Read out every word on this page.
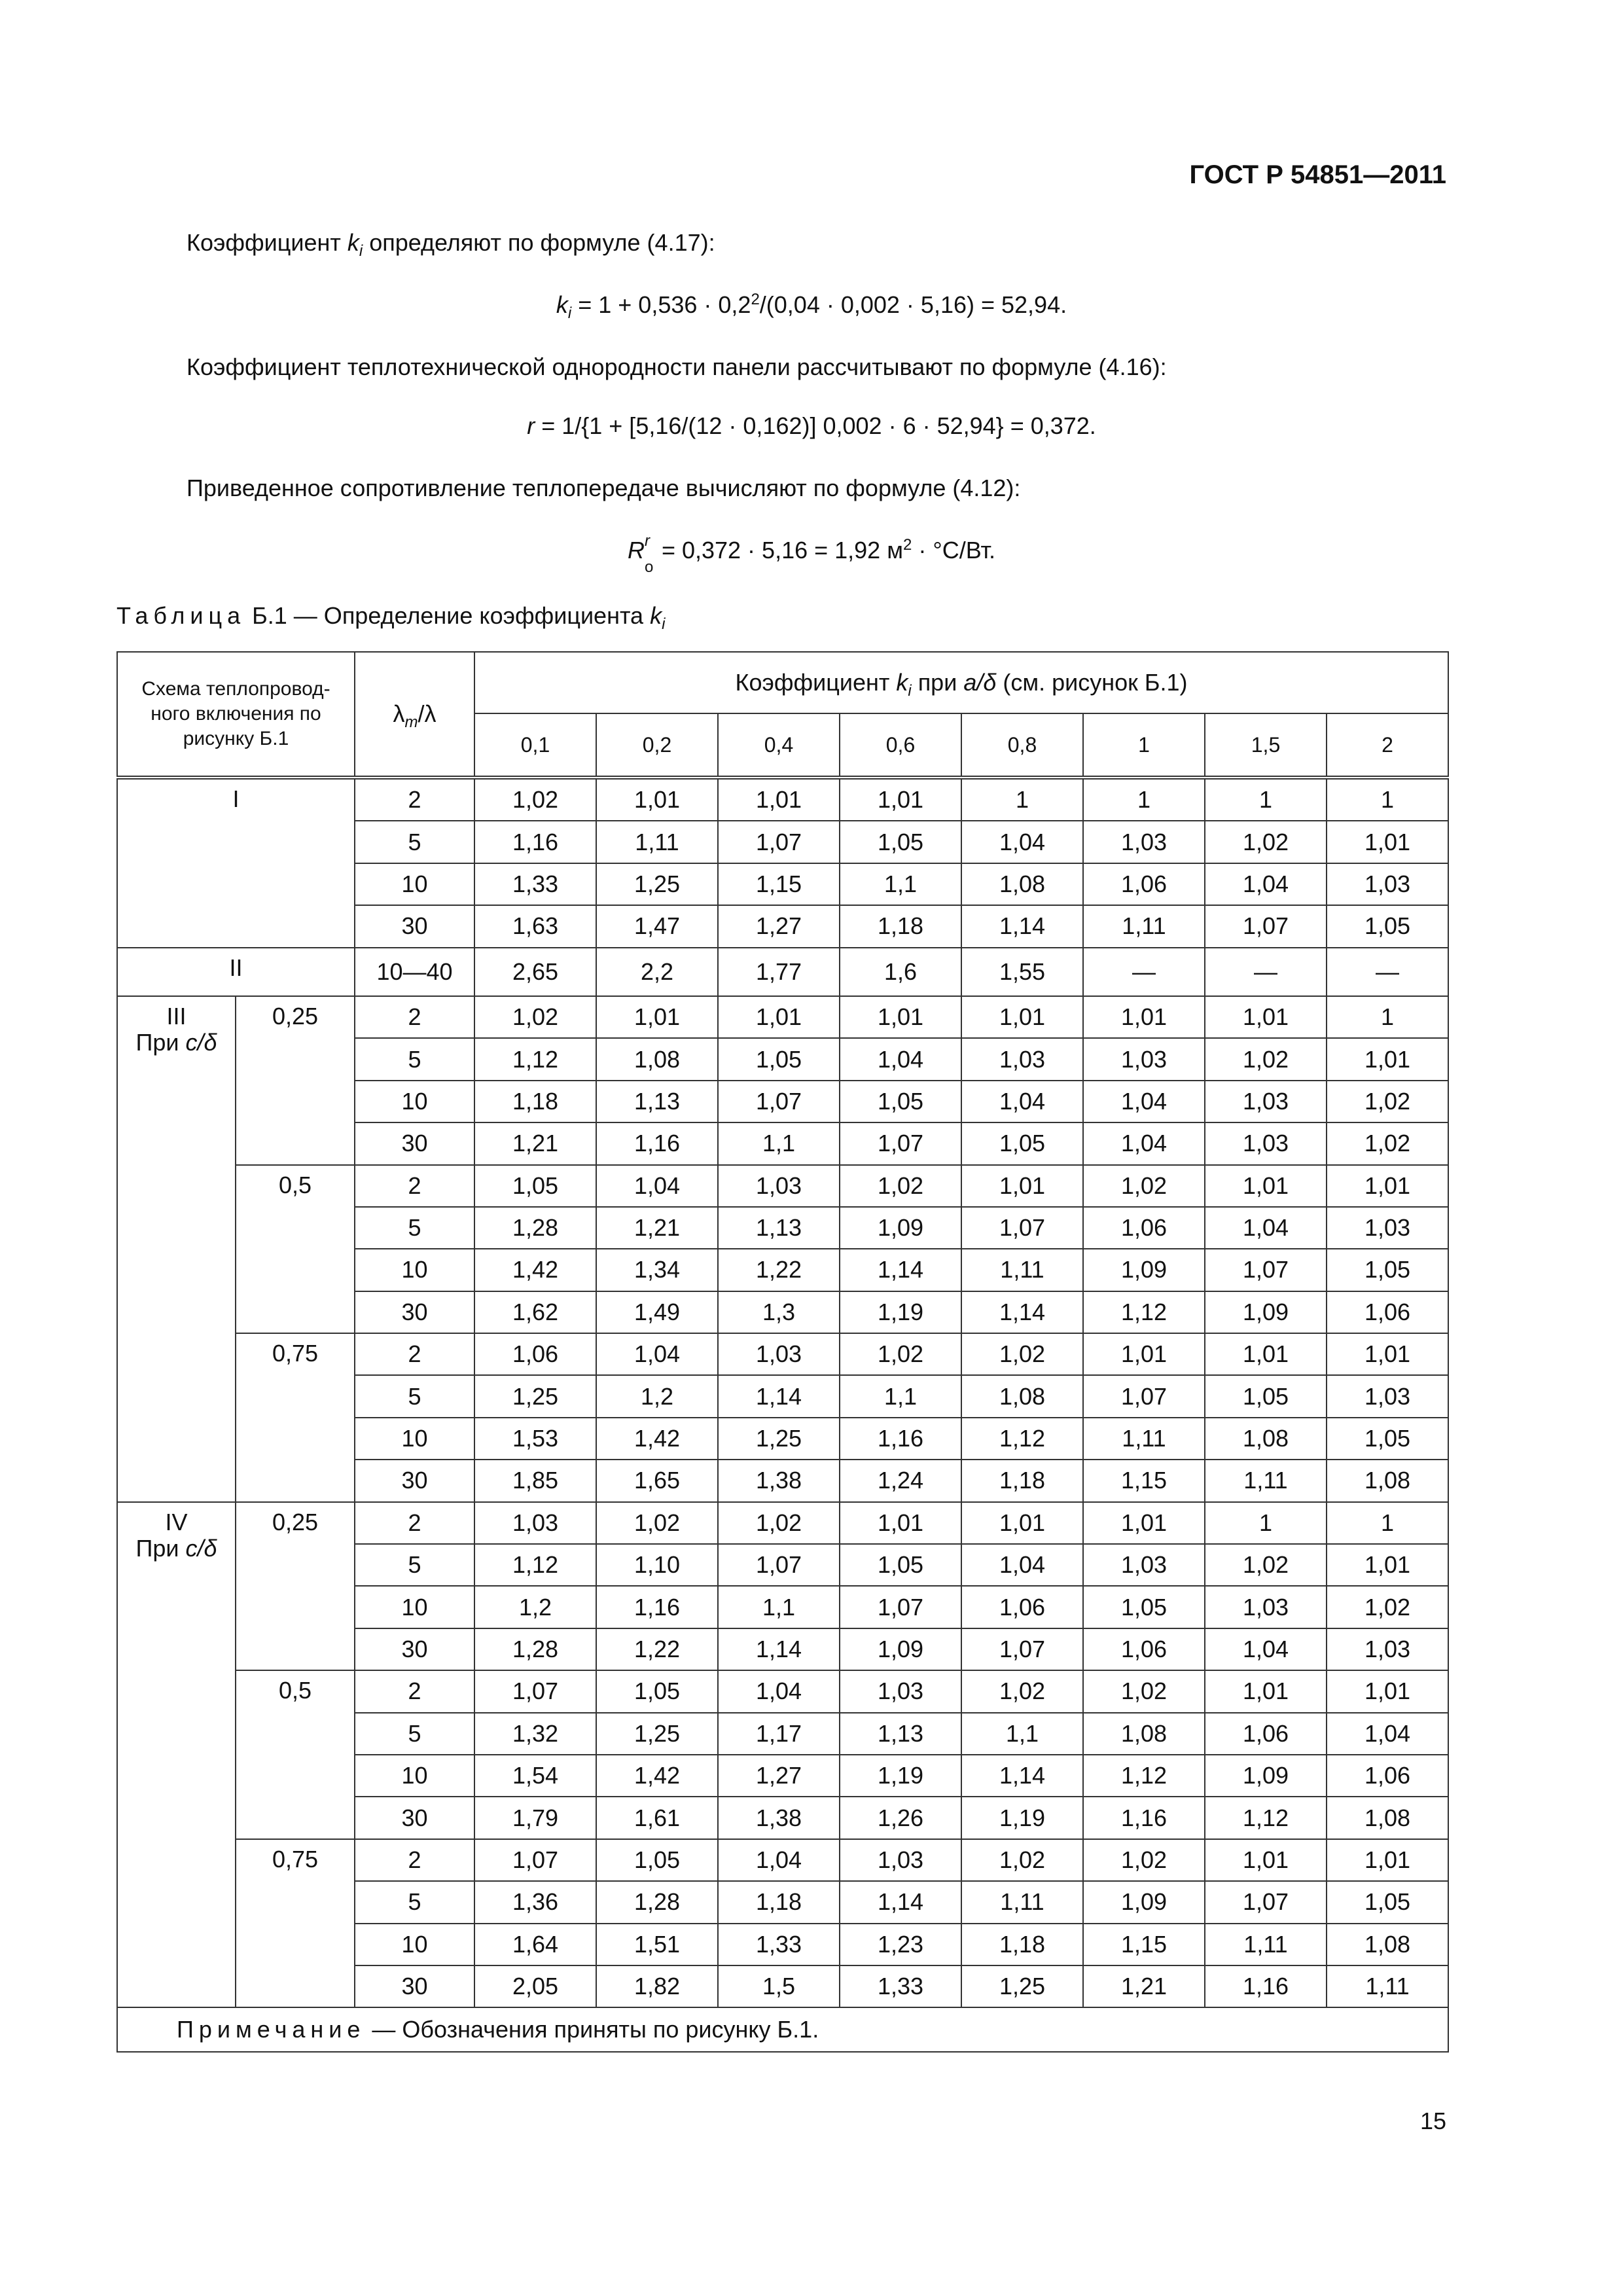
ГОСТ Р 54851—2011
Коэффициент $k_i$ определяют по формуле (4.17):
$k_i = 1 + 0,536 \cdot 0,2^2/(0,04 \cdot 0,002 \cdot 5,16) = 52,94$.
Коэффициент теплотехнической однородности панели рассчитывают по формуле (4.16):
r = 1/{1 + [5,16/(12 · 0,162)] 0,002 · 6 · 52,94} = 0,372.
Приведенное сопротивление теплопередаче вычисляют по формуле (4.12):
R r
o
= 0,372 · 5,16 = 1,92 $м^2 \cdot ^\circ С/Вт$.
Таблица Б.1 — Определение коэффициента $k_i$
Схема теплопровод-ного включения по рисунку Б.1		$\lambda_m/\lambda$	Коэффициент $k_i$ при a/δ (см. рисунок Б.1)							
			0,1	0,2	0,4	0,6	0,8	1	1,5	2
I		2	1,02	1,01	1,01	1,01	1	1	1	1
		5	1,16	1,11	1,07	1,05	1,04	1,03	1,02	1,01
		10	1,33	1,25	1,15	1,1	1,08	1,06	1,04	1,03
		30	1,63	1,47	1,27	1,18	1,14	1,11	1,07	1,05
II		10—40	2,65	2,2	1,77	1,6	1,55	—	—	—
III
При c/δ	0,25	2	1,02	1,01	1,01	1,01	1,01	1,01	1,01	1
		5	1,12	1,08	1,05	1,04	1,03	1,03	1,02	1,01
		10	1,18	1,13	1,07	1,05	1,04	1,04	1,03	1,02
		30	1,21	1,16	1,1	1,07	1,05	1,04	1,03	1,02
	0,5	2	1,05	1,04	1,03	1,02	1,01	1,02	1,01	1,01
		5	1,28	1,21	1,13	1,09	1,07	1,06	1,04	1,03
		10	1,42	1,34	1,22	1,14	1,11	1,09	1,07	1,05
		30	1,62	1,49	1,3	1,19	1,14	1,12	1,09	1,06
	0,75	2	1,06	1,04	1,03	1,02	1,02	1,01	1,01	1,01
		5	1,25	1,2	1,14	1,1	1,08	1,07	1,05	1,03
		10	1,53	1,42	1,25	1,16	1,12	1,11	1,08	1,05
		30	1,85	1,65	1,38	1,24	1,18	1,15	1,11	1,08
IV
При c/δ	0,25	2	1,03	1,02	1,02	1,01	1,01	1,01	1	1
		5	1,12	1,10	1,07	1,05	1,04	1,03	1,02	1,01
		10	1,2	1,16	1,1	1,07	1,06	1,05	1,03	1,02
		30	1,28	1,22	1,14	1,09	1,07	1,06	1,04	1,03
	0,5	2	1,07	1,05	1,04	1,03	1,02	1,02	1,01	1,01
		5	1,32	1,25	1,17	1,13	1,1	1,08	1,06	1,04
		10	1,54	1,42	1,27	1,19	1,14	1,12	1,09	1,06
		30	1,79	1,61	1,38	1,26	1,19	1,16	1,12	1,08
	0,75	2	1,07	1,05	1,04	1,03	1,02	1,02	1,01	1,01
		5	1,36	1,28	1,18	1,14	1,11	1,09	1,07	1,05
		10	1,64	1,51	1,33	1,23	1,18	1,15	1,11	1,08
		30	2,05	1,82	1,5	1,33	1,25	1,21	1,16	1,11
Примечание — Обозначения приняты по рисунку Б.1.										
15
